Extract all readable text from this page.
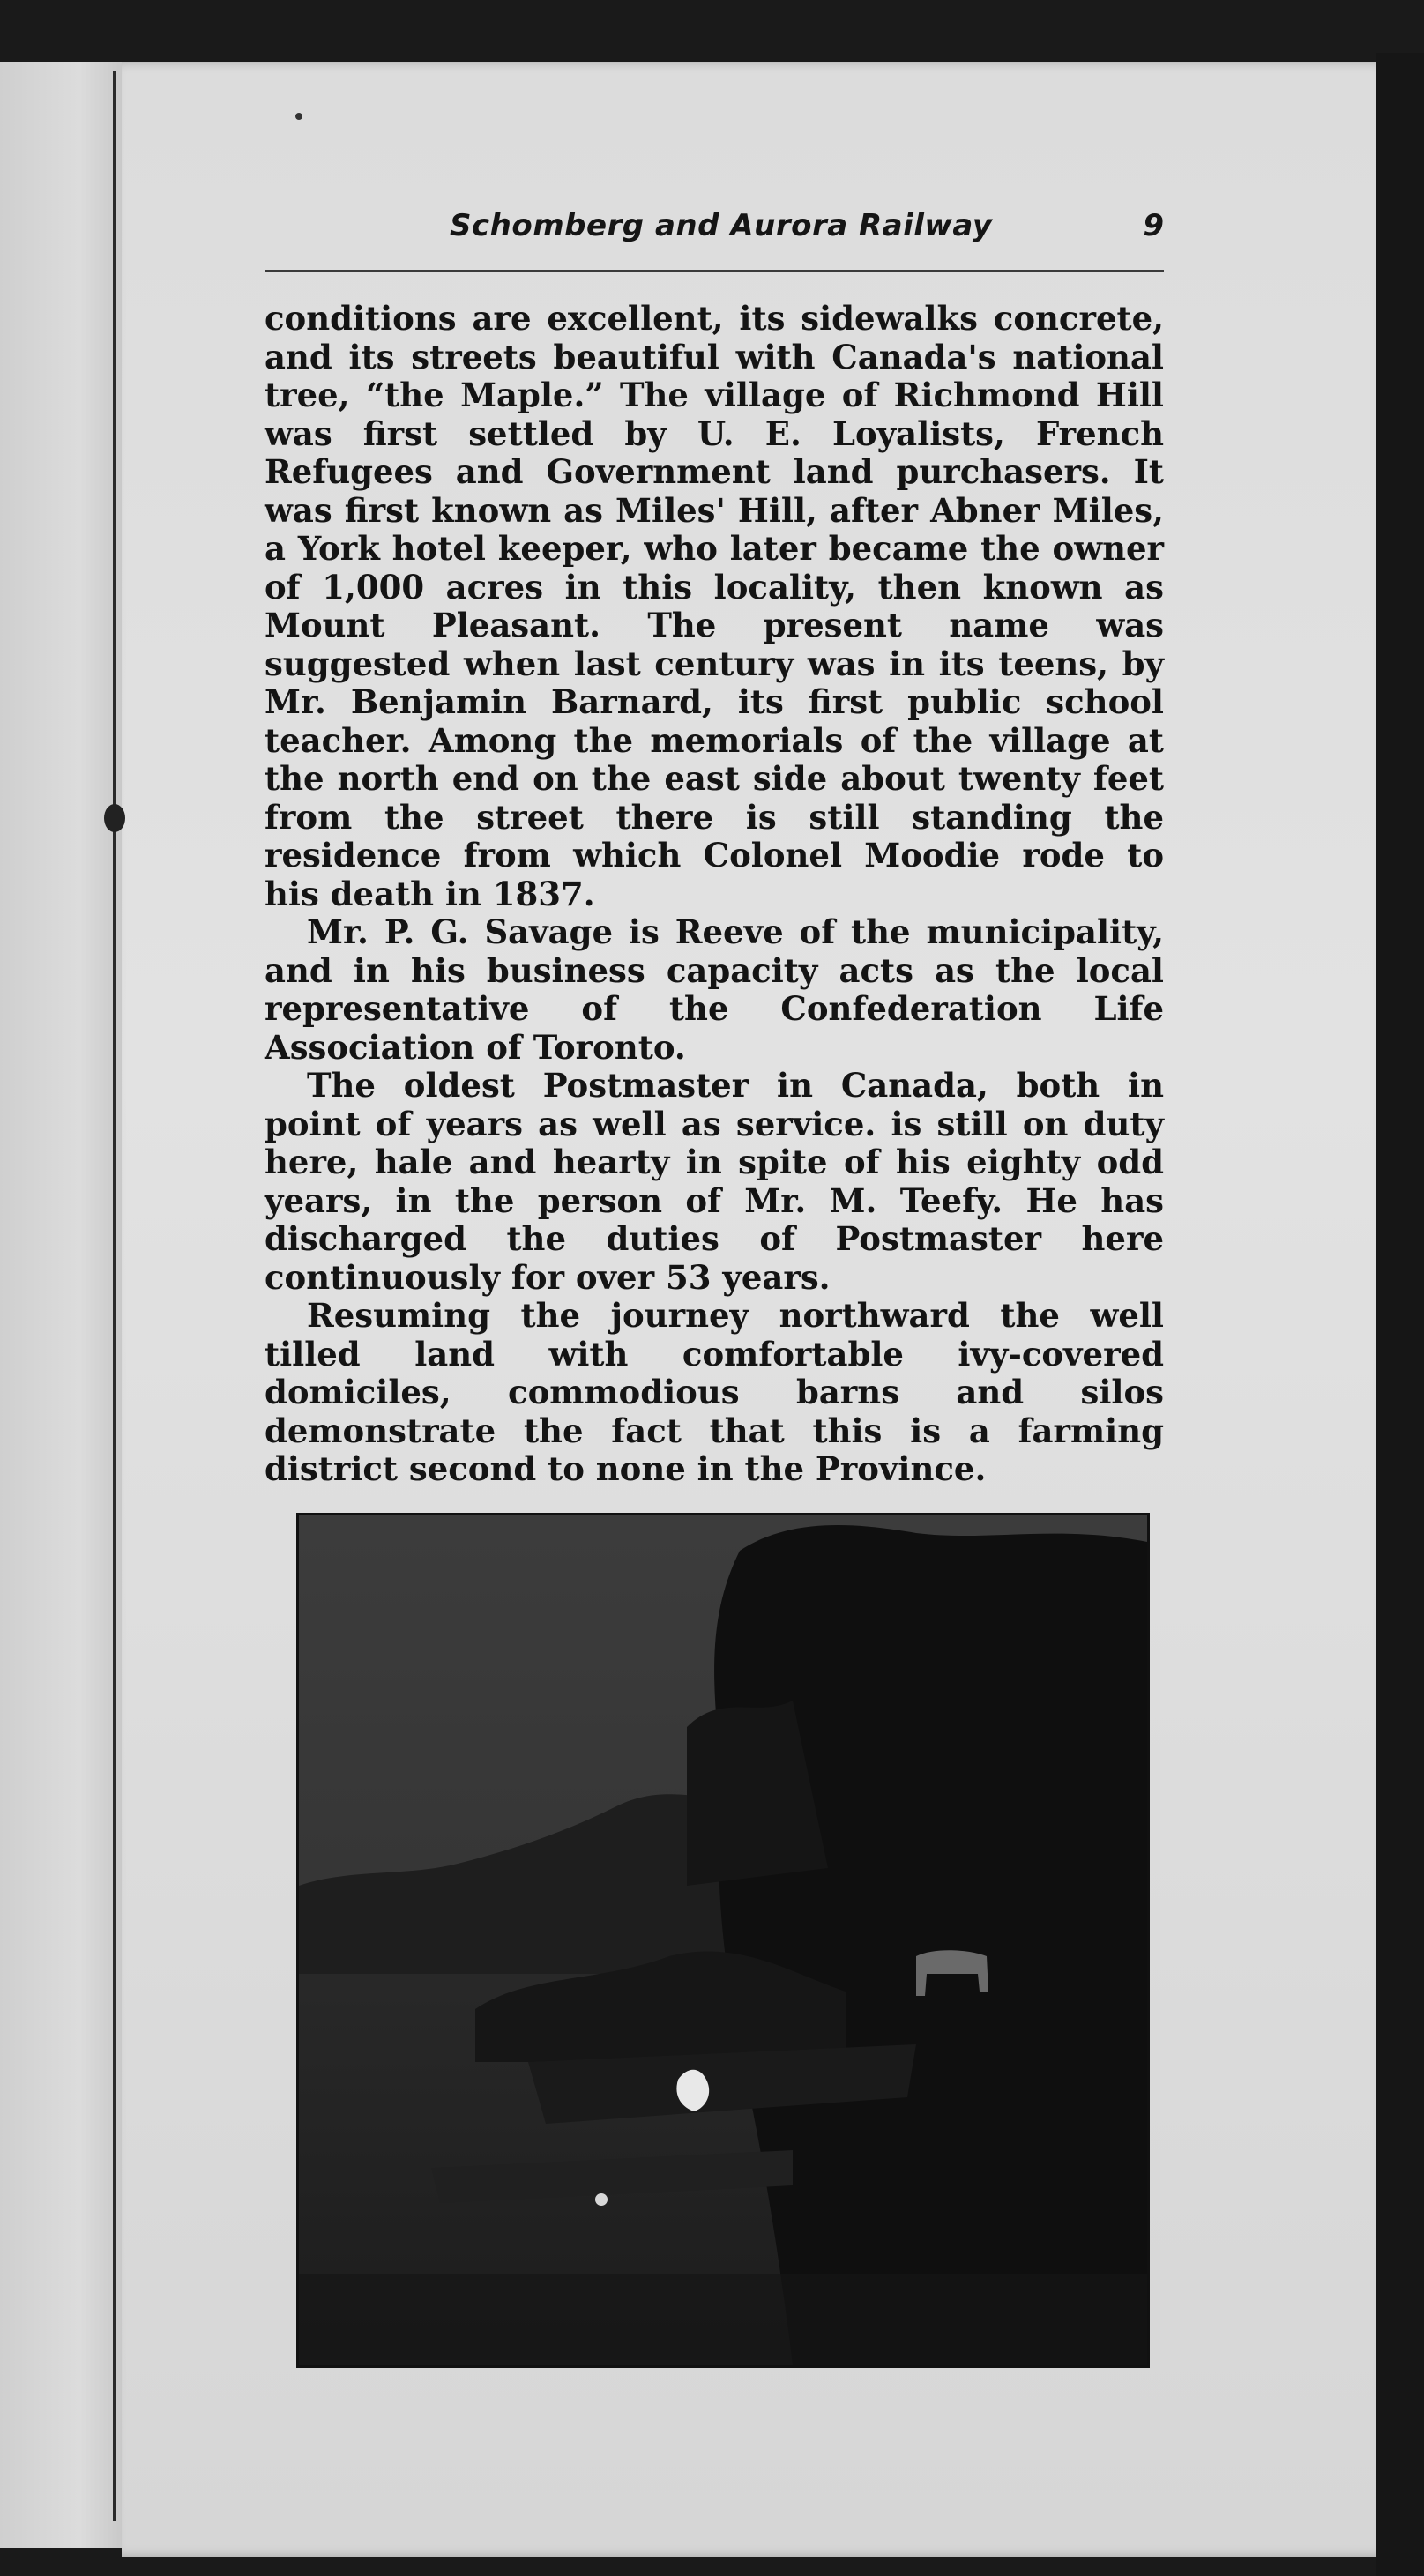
Schomberg and Aurora Railway	9

conditions are excellent, its sidewalks concrete, and its streets beautiful with Canada's national tree, “the Maple.” The village of Richmond Hill was first settled by U. E. Loyalists, French Refugees and Government land purchasers. It was first known as Miles' Hill, after Abner Miles, a York hotel keeper, who later became the owner of 1,000 acres in this locality, then known as Mount Pleasant. The present name was suggested when last century was in its teens, by Mr. Benjamin Barnard, its first public school teacher. Among the memorials of the village at the north end on the east side about twenty feet from the street there is still standing the residence from which Colonel Moodie rode to his death in 1837.

Mr. P. G. Savage is Reeve of the municipality, and in his business capacity acts as the local representative of the Confederation Life Association of Toronto.

The oldest Postmaster in Canada, both in point of years as well as service. is still on duty here, hale and hearty in spite of his eighty odd years, in the person of Mr. M. Teefy. He has discharged the duties of Postmaster here continuously for over 53 years.

Resuming the journey northward the well tilled land with comfortable ivy-covered domiciles, commodious barns and silos demonstrate the fact that this is a farming district second to none in the Province.
